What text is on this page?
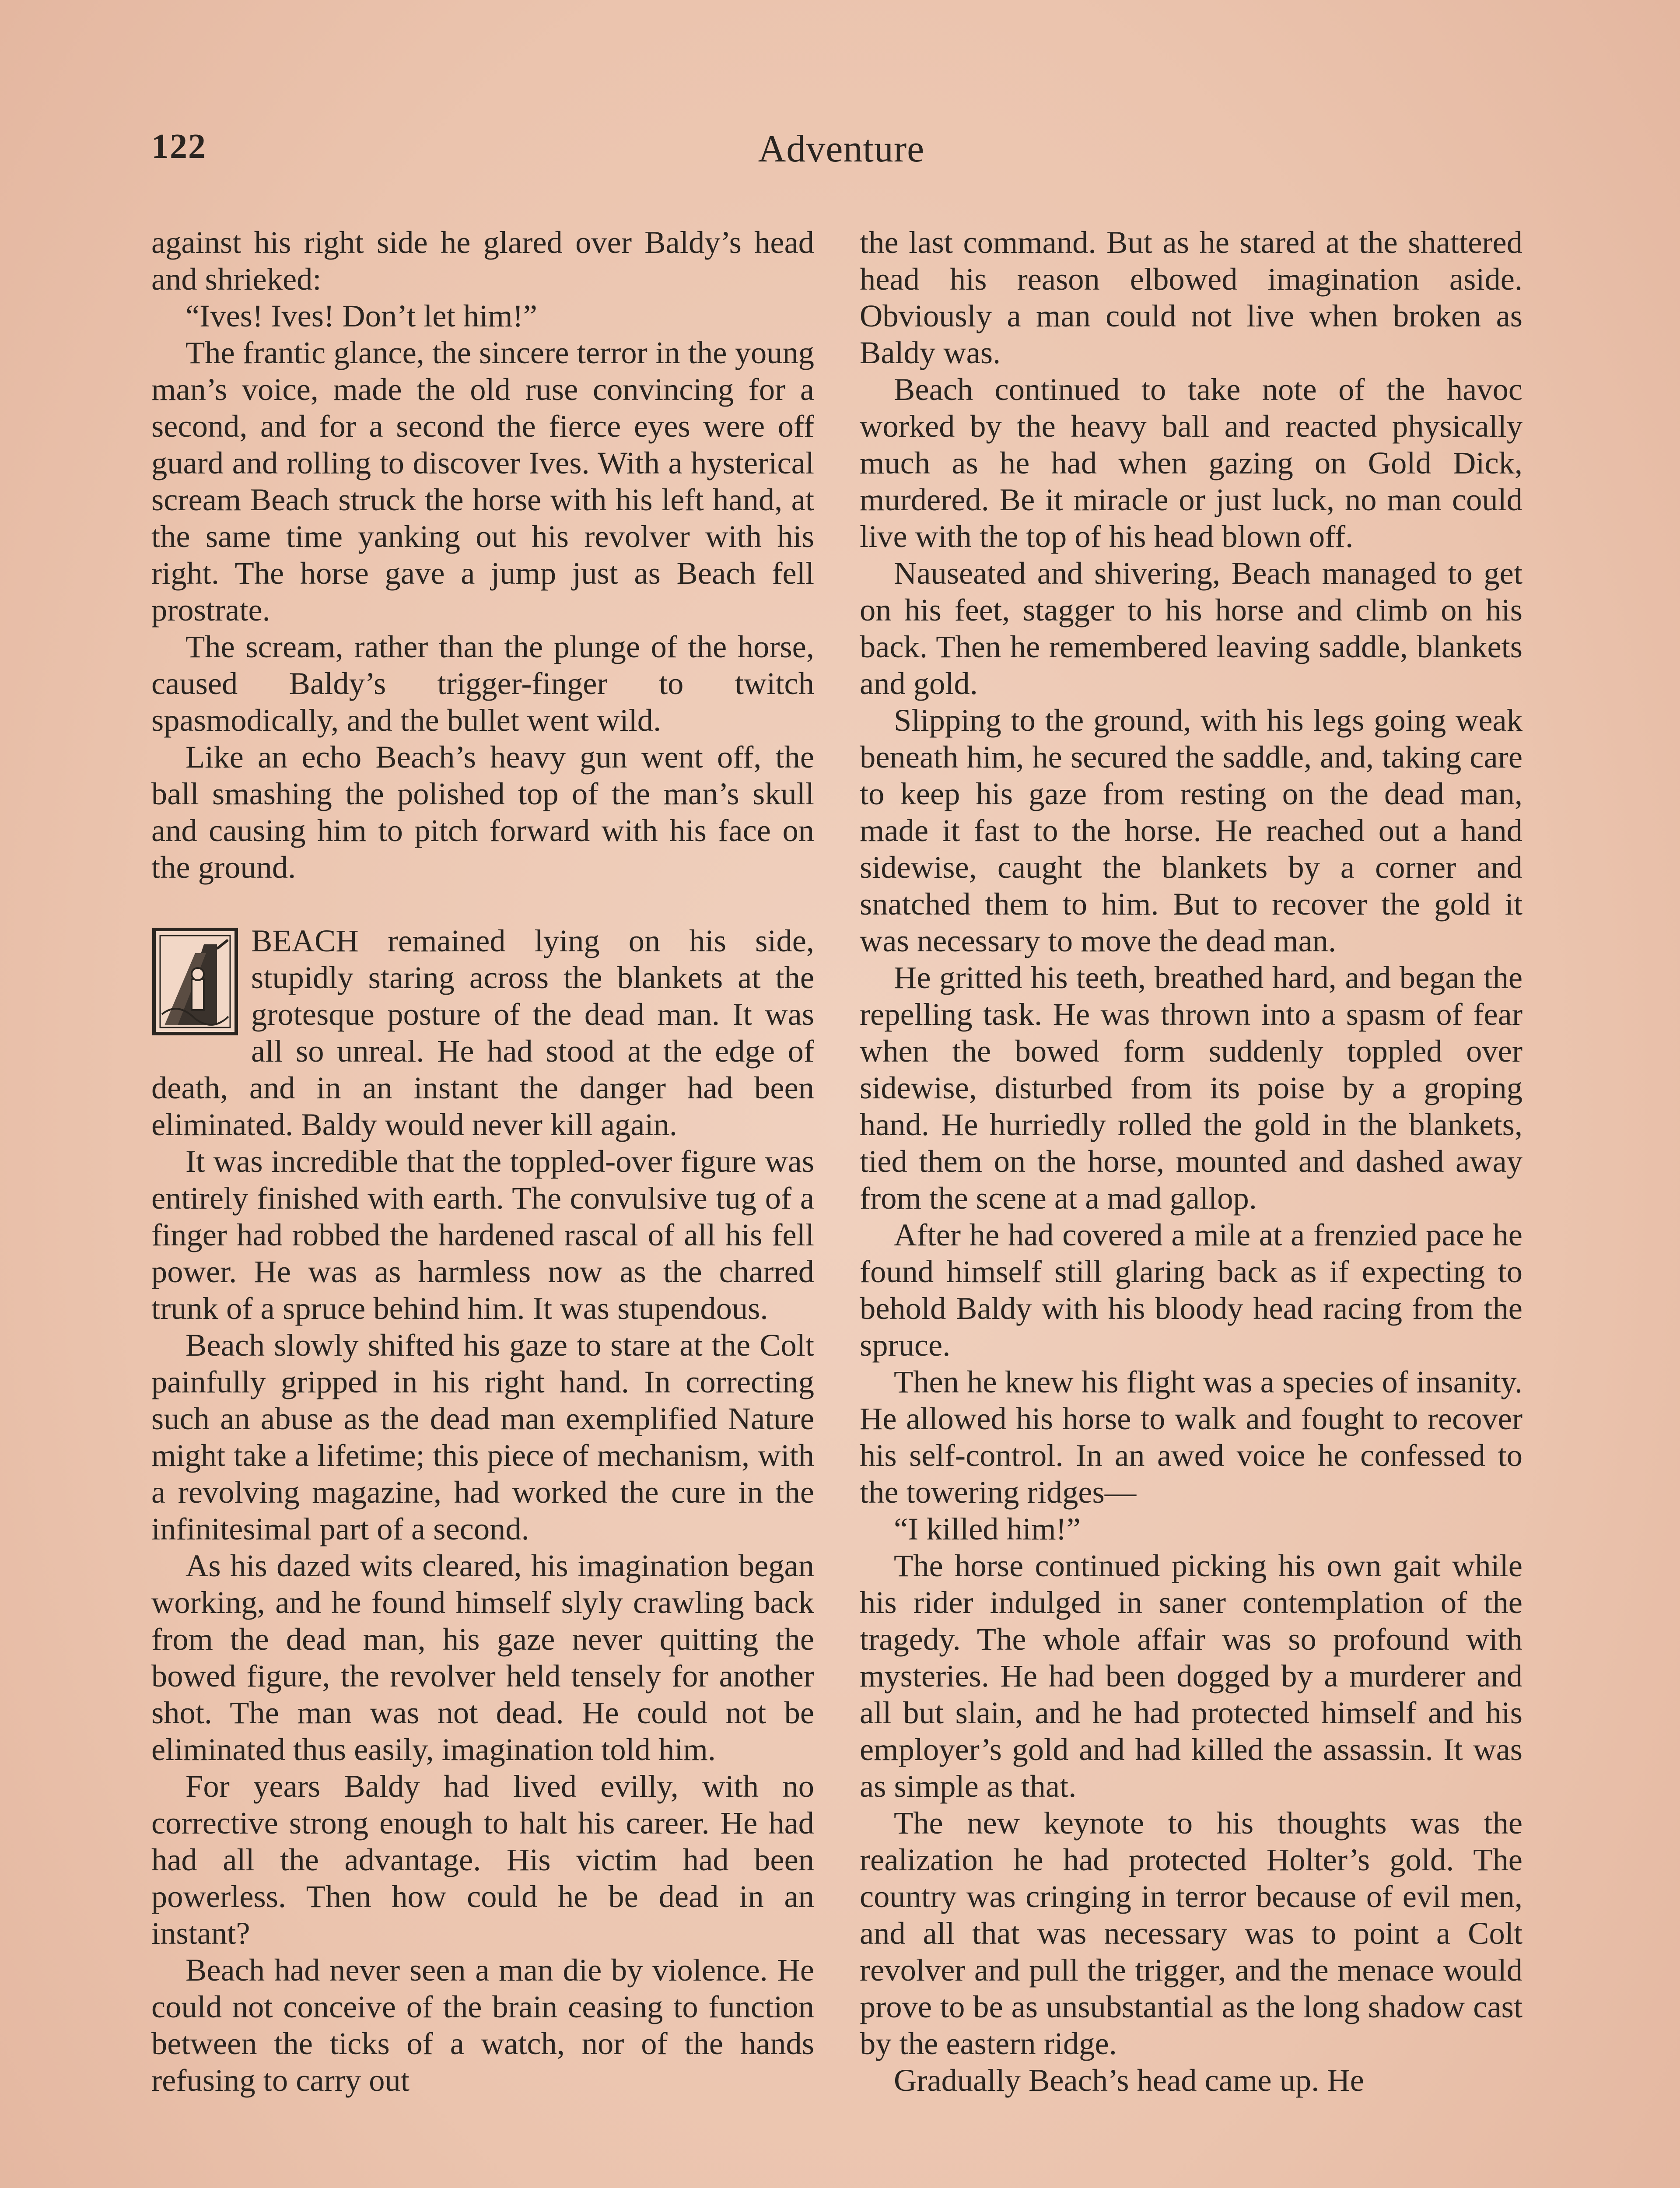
122	Adventure

against his right side he glared over Baldy’s head and shrieked:

“Ives! Ives! Don’t let him!”

The frantic glance, the sincere terror in the young man’s voice, made the old ruse convincing for a second, and for a second the fierce eyes were off guard and rolling to discover Ives. With a hysterical scream Beach struck the horse with his left hand, at the same time yanking out his revolver with his right. The horse gave a jump just as Beach fell prostrate.

The scream, rather than the plunge of the horse, caused Baldy’s trigger-finger to twitch spasmodically, and the bullet went wild.

Like an echo Beach’s heavy gun went off, the ball smashing the polished top of the man’s skull and causing him to pitch forward with his face on the ground.

BEACH remained lying on his side, stupidly staring across the blankets at the grotesque posture of the dead man. It was all so unreal. He had stood at the edge of death, and in an instant the danger had been eliminated. Baldy would never kill again.

It was incredible that the toppled-over figure was entirely finished with earth. The convulsive tug of a finger had robbed the hardened rascal of all his fell power. He was as harmless now as the charred trunk of a spruce behind him. It was stupendous.

Beach slowly shifted his gaze to stare at the Colt painfully gripped in his right hand. In correcting such an abuse as the dead man exemplified Nature might take a lifetime; this piece of mechanism, with a revolving magazine, had worked the cure in the infinitesimal part of a second.

As his dazed wits cleared, his imagination began working, and he found himself slyly crawling back from the dead man, his gaze never quitting the bowed figure, the revolver held tensely for another shot. The man was not dead. He could not be eliminated thus easily, imagination told him.

For years Baldy had lived evilly, with no corrective strong enough to halt his career. He had had all the advantage. His victim had been powerless. Then how could he be dead in an instant?

Beach had never seen a man die by violence. He could not conceive of the brain ceasing to function between the ticks of a watch, nor of the hands refusing to carry out

the last command. But as he stared at the shattered head his reason elbowed imagination aside. Obviously a man could not live when broken as Baldy was.

Beach continued to take note of the havoc worked by the heavy ball and reacted physically much as he had when gazing on Gold Dick, murdered. Be it miracle or just luck, no man could live with the top of his head blown off.

Nauseated and shivering, Beach managed to get on his feet, stagger to his horse and climb on his back. Then he remembered leaving saddle, blankets and gold.

Slipping to the ground, with his legs going weak beneath him, he secured the saddle, and, taking care to keep his gaze from resting on the dead man, made it fast to the horse. He reached out a hand sidewise, caught the blankets by a corner and snatched them to him. But to recover the gold it was necessary to move the dead man.

He gritted his teeth, breathed hard, and began the repelling task. He was thrown into a spasm of fear when the bowed form suddenly toppled over sidewise, disturbed from its poise by a groping hand. He hurriedly rolled the gold in the blankets, tied them on the horse, mounted and dashed away from the scene at a mad gallop.

After he had covered a mile at a frenzied pace he found himself still glaring back as if expecting to behold Baldy with his bloody head racing from the spruce.

Then he knew his flight was a species of insanity. He allowed his horse to walk and fought to recover his self-control. In an awed voice he confessed to the towering ridges—

“I killed him!”

The horse continued picking his own gait while his rider indulged in saner contemplation of the tragedy. The whole affair was so profound with mysteries. He had been dogged by a murderer and all but slain, and he had protected himself and his employer’s gold and had killed the assassin. It was as simple as that.

The new keynote to his thoughts was the realization he had protected Holter’s gold. The country was cringing in terror because of evil men, and all that was necessary was to point a Colt revolver and pull the trigger, and the menace would prove to be as unsubstantial as the long shadow cast by the eastern ridge.

Gradually Beach’s head came up. He
